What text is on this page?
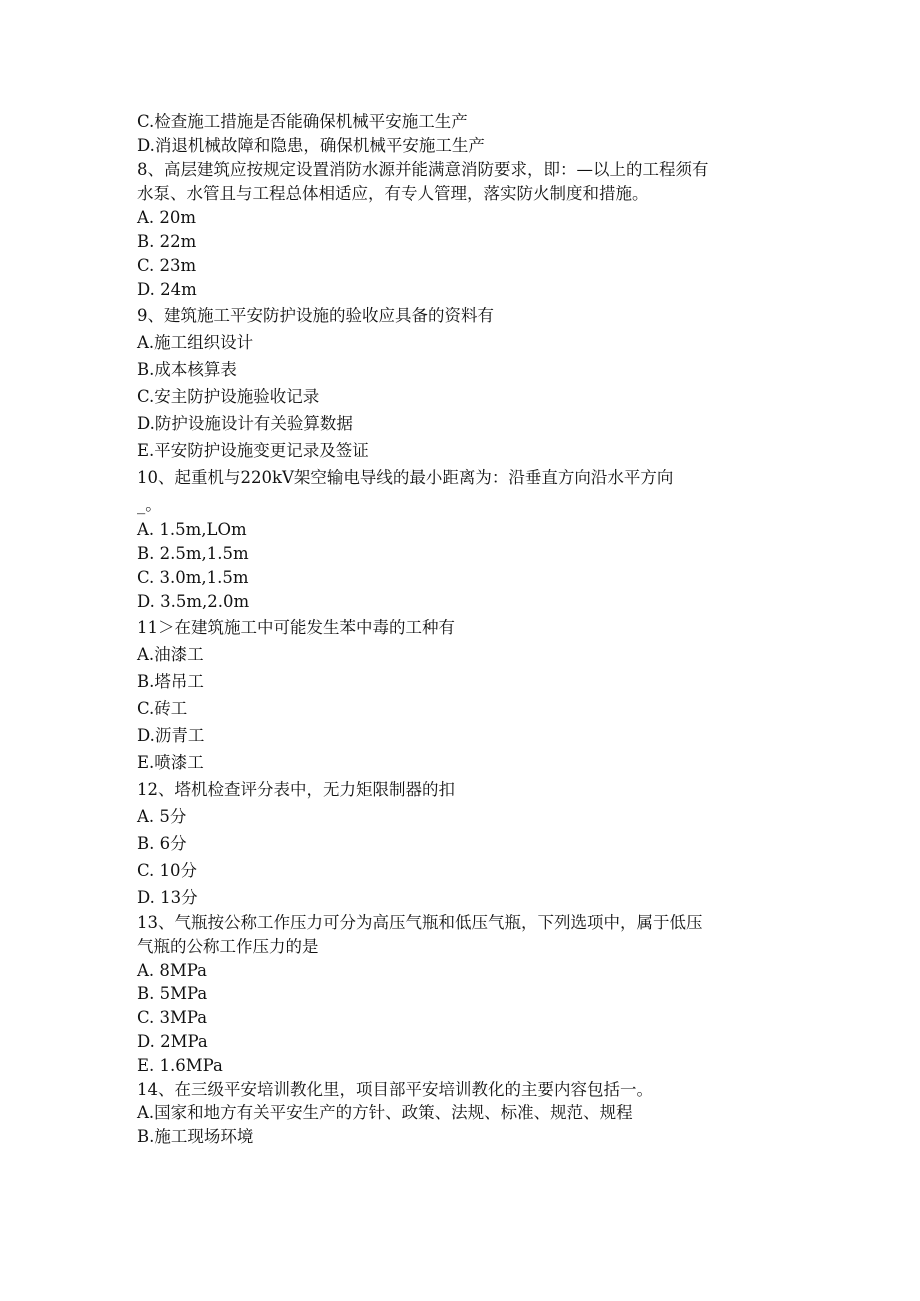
C.检查施工措施是否能确保机械平安施工生产
D.消退机械故障和隐患，确保机械平安施工生产
8、高层建筑应按规定设置消防水源并能满意消防要求，即：—以上的工程须有
水泵、水管且与工程总体相适应，有专人管理，落实防火制度和措施。
A. 20m
B. 22m
C. 23m
D. 24m
9、建筑施工平安防护设施的验收应具备的资料有
A.施工组织设计
B.成本核算表
C.安主防护设施验收记录
D.防护设施设计有关验算数据
E.平安防护设施变更记录及签证
10、起重机与220kV架空输电导线的最小距离为：沿垂直方向沿水平方向
_。
A. 1.5m,LOm
B. 2.5m,1.5m
C. 3.0m,1.5m
D. 3.5m,2.0m
11＞在建筑施工中可能发生苯中毒的工种有
A.油漆工
B.塔吊工
C.砖工
D.沥青工
E.喷漆工
12、塔机检查评分表中，无力矩限制器的扣
A. 5分
B. 6分
C. 10分
D. 13分
13、气瓶按公称工作压力可分为高压气瓶和低压气瓶，下列选项中，属于低压
气瓶的公称工作压力的是
A. 8MPa
B. 5MPa
C. 3MPa
D. 2MPa
E. 1.6MPa
14、在三级平安培训教化里，项目部平安培训教化的主要内容包括一。
A.国家和地方有关平安生产的方针、政策、法规、标准、规范、规程
B.施工现场环境
